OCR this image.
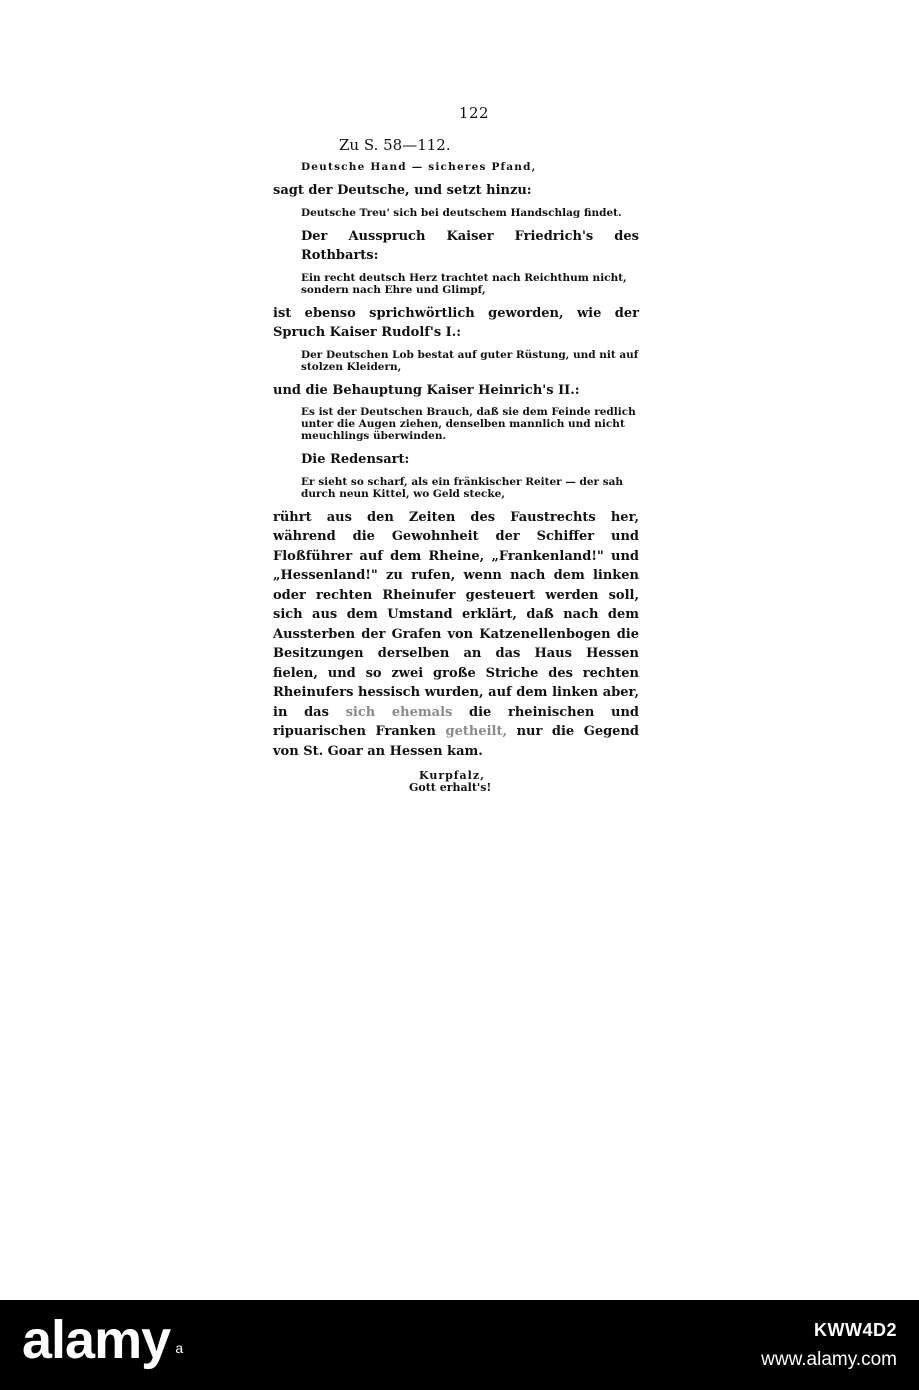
122
Zu S. 58—112.
Deutsche Hand — sicheres Pfand,
sagt der Deutsche, und setzt hinzu:
Deutsche Treu' sich bei deutschem Handschlag findet.
Der Ausspruch Kaiser Friedrich's des Rothbarts:
Ein recht deutsch Herz trachtet nach Reichthum nicht, sondern nach Ehre und Glimpf,
ist ebenso sprichwörtlich geworden, wie der Spruch Kaiser Rudolf's I.:
Der Deutschen Lob bestat auf guter Rüstung, und nit auf stolzen Kleidern,
und die Behauptung Kaiser Heinrich's II.:
Es ist der Deutschen Brauch, daß sie dem Feinde redlich unter die Augen ziehen, denselben mannlich und nicht meuchlings überwinden.
Die Redensart:
Er sieht so scharf, als ein fränkischer Reiter — der sah durch neun Kittel, wo Geld stecke,
rührt aus den Zeiten des Faustrechts her, während die Gewohnheit der Schiffer und Floßführer auf dem Rheine, „Frankenland!" und „Hessenland!" zu rufen, wenn nach dem linken oder rechten Rheinufer gesteuert werden soll, sich aus dem Umstand erklärt, daß nach dem Aussterben der Grafen von Katzenellenbogen die Besitzungen derselben an das Haus Hessen fielen, und so zwei große Striche des rechten Rheinufers hessisch wurden, auf dem linken aber, in das sich ehemals die rheinischen und ripuarischen Franken getheilt, nur die Gegend von St. Goar an Hessen kam.
Kurpfalz,
Gott erhalt's!
alamy a
KWW4D2
www.alamy.com
